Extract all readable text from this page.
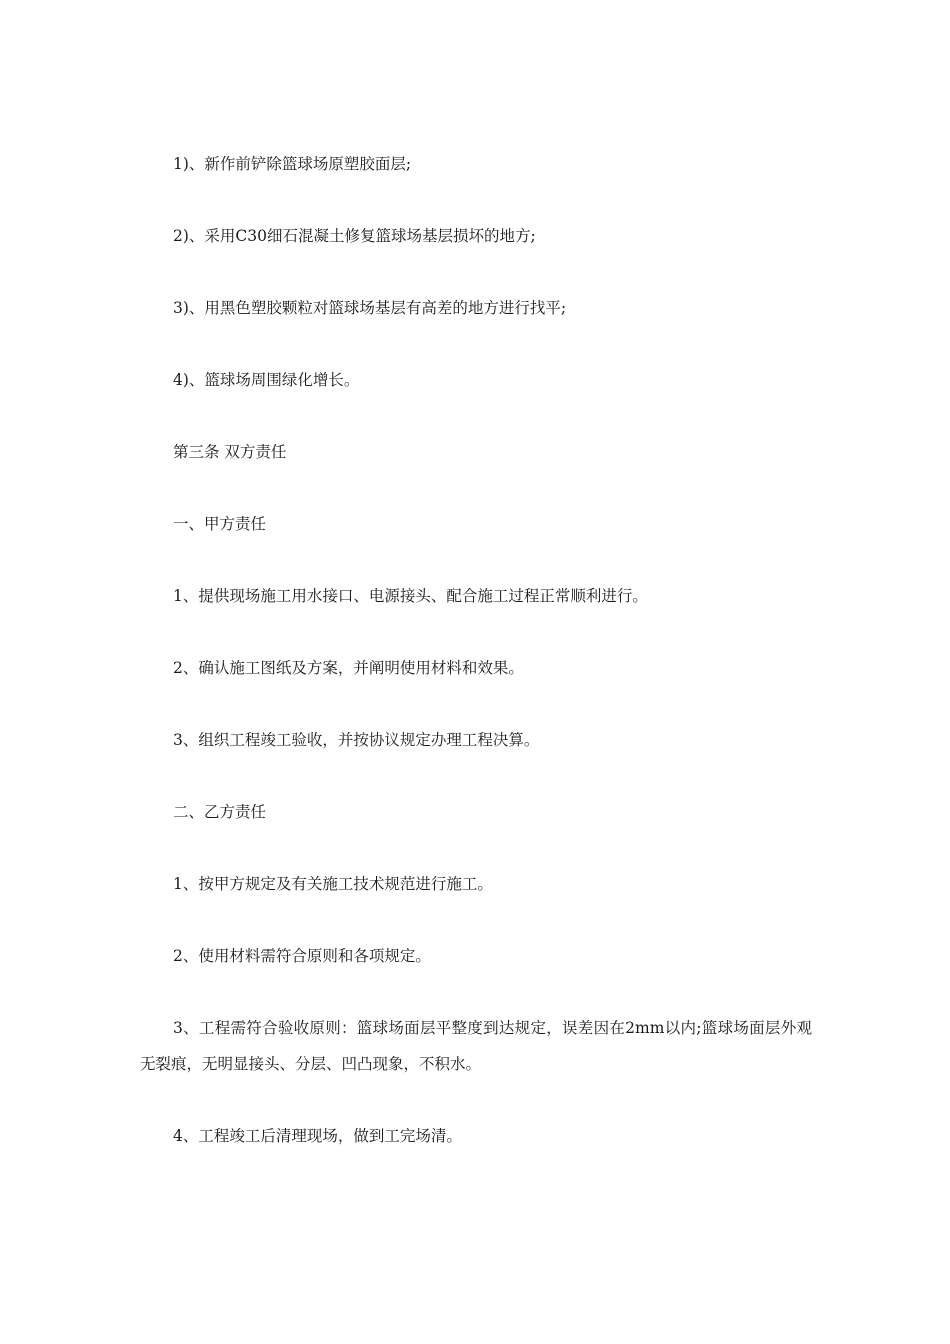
1)、新作前铲除篮球场原塑胶面层;

2)、采用C30细石混凝土修复篮球场基层损坏的地方;

3)、用黑色塑胶颗粒对篮球场基层有高差的地方进行找平;

4)、篮球场周围绿化增长。

第三条 双方责任

一、甲方责任

1、提供现场施工用水接口、电源接头、配合施工过程正常顺利进行。

2、确认施工图纸及方案，并阐明使用材料和效果。

3、组织工程竣工验收，并按协议规定办理工程决算。

二、乙方责任

1、按甲方规定及有关施工技术规范进行施工。

2、使用材料需符合原则和各项规定。

3、工程需符合验收原则：篮球场面层平整度到达规定，误差因在2mm以内;篮球场面层外观无裂痕，无明显接头、分层、凹凸现象，不积水。

4、工程竣工后清理现场，做到工完场清。
